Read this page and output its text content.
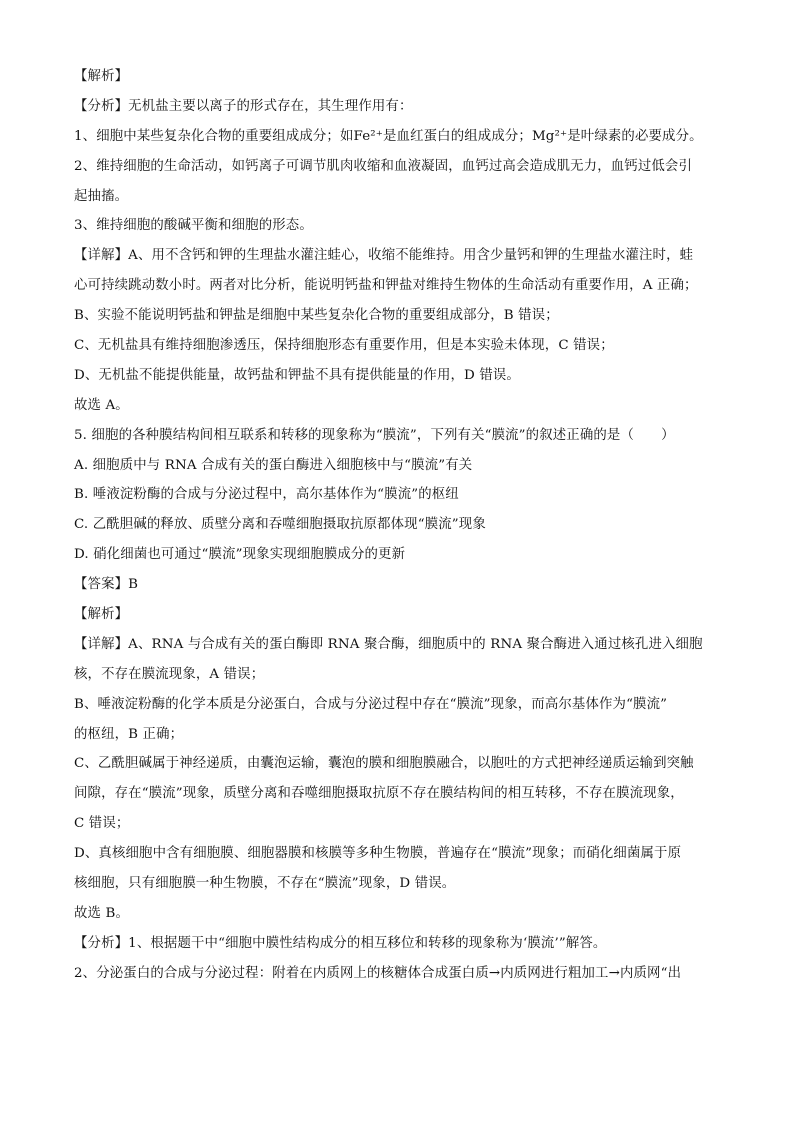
【解析】
【分析】无机盐主要以离子的形式存在，其生理作用有：
1、细胞中某些复杂化合物的重要组成成分；如Fe²⁺是血红蛋白的组成成分；Mg²⁺是叶绿素的必要成分。
2、维持细胞的生命活动，如钙离子可调节肌肉收缩和血液凝固，血钙过高会造成肌无力，血钙过低会引
起抽搐。
3、维持细胞的酸碱平衡和细胞的形态。
【详解】A、用不含钙和钾的生理盐水灌注蛙心，收缩不能维持。用含少量钙和钾的生理盐水灌注时，蛙
心可持续跳动数小时。两者对比分析，能说明钙盐和钾盐对维持生物体的生命活动有重要作用，A 正确；
B、实验不能说明钙盐和钾盐是细胞中某些复杂化合物的重要组成部分，B 错误；
C、无机盐具有维持细胞渗透压，保持细胞形态有重要作用，但是本实验未体现，C 错误；
D、无机盐不能提供能量，故钙盐和钾盐不具有提供能量的作用，D 错误。
故选 A。
5. 细胞的各种膜结构间相互联系和转移的现象称为“膜流”，下列有关“膜流”的叙述正确的是（　　）
A. 细胞质中与 RNA 合成有关的蛋白酶进入细胞核中与“膜流”有关
B. 唾液淀粉酶的合成与分泌过程中，高尔基体作为“膜流”的枢纽
C. 乙酰胆碱的释放、质壁分离和吞噬细胞摄取抗原都体现“膜流”现象
D. 硝化细菌也可通过“膜流”现象实现细胞膜成分的更新
【答案】B
【解析】
【详解】A、RNA 与合成有关的蛋白酶即 RNA 聚合酶，细胞质中的 RNA 聚合酶进入通过核孔进入细胞
核，不存在膜流现象，A 错误；
B、唾液淀粉酶的化学本质是分泌蛋白，合成与分泌过程中存在“膜流”现象，而高尔基体作为“膜流”
的枢纽，B 正确；
C、乙酰胆碱属于神经递质，由囊泡运输，囊泡的膜和细胞膜融合，以胞吐的方式把神经递质运输到突触
间隙，存在“膜流”现象，质壁分离和吞噬细胞摄取抗原不存在膜结构间的相互转移，不存在膜流现象，
C 错误；
D、真核细胞中含有细胞膜、细胞器膜和核膜等多种生物膜，普遍存在“膜流”现象；而硝化细菌属于原
核细胞，只有细胞膜一种生物膜，不存在“膜流”现象，D 错误。
故选 B。
【分析】1、根据题干中“细胞中膜性结构成分的相互移位和转移的现象称为‘膜流’”解答。
2、分泌蛋白的合成与分泌过程：附着在内质网上的核糖体合成蛋白质→内质网进行粗加工→内质网“出
